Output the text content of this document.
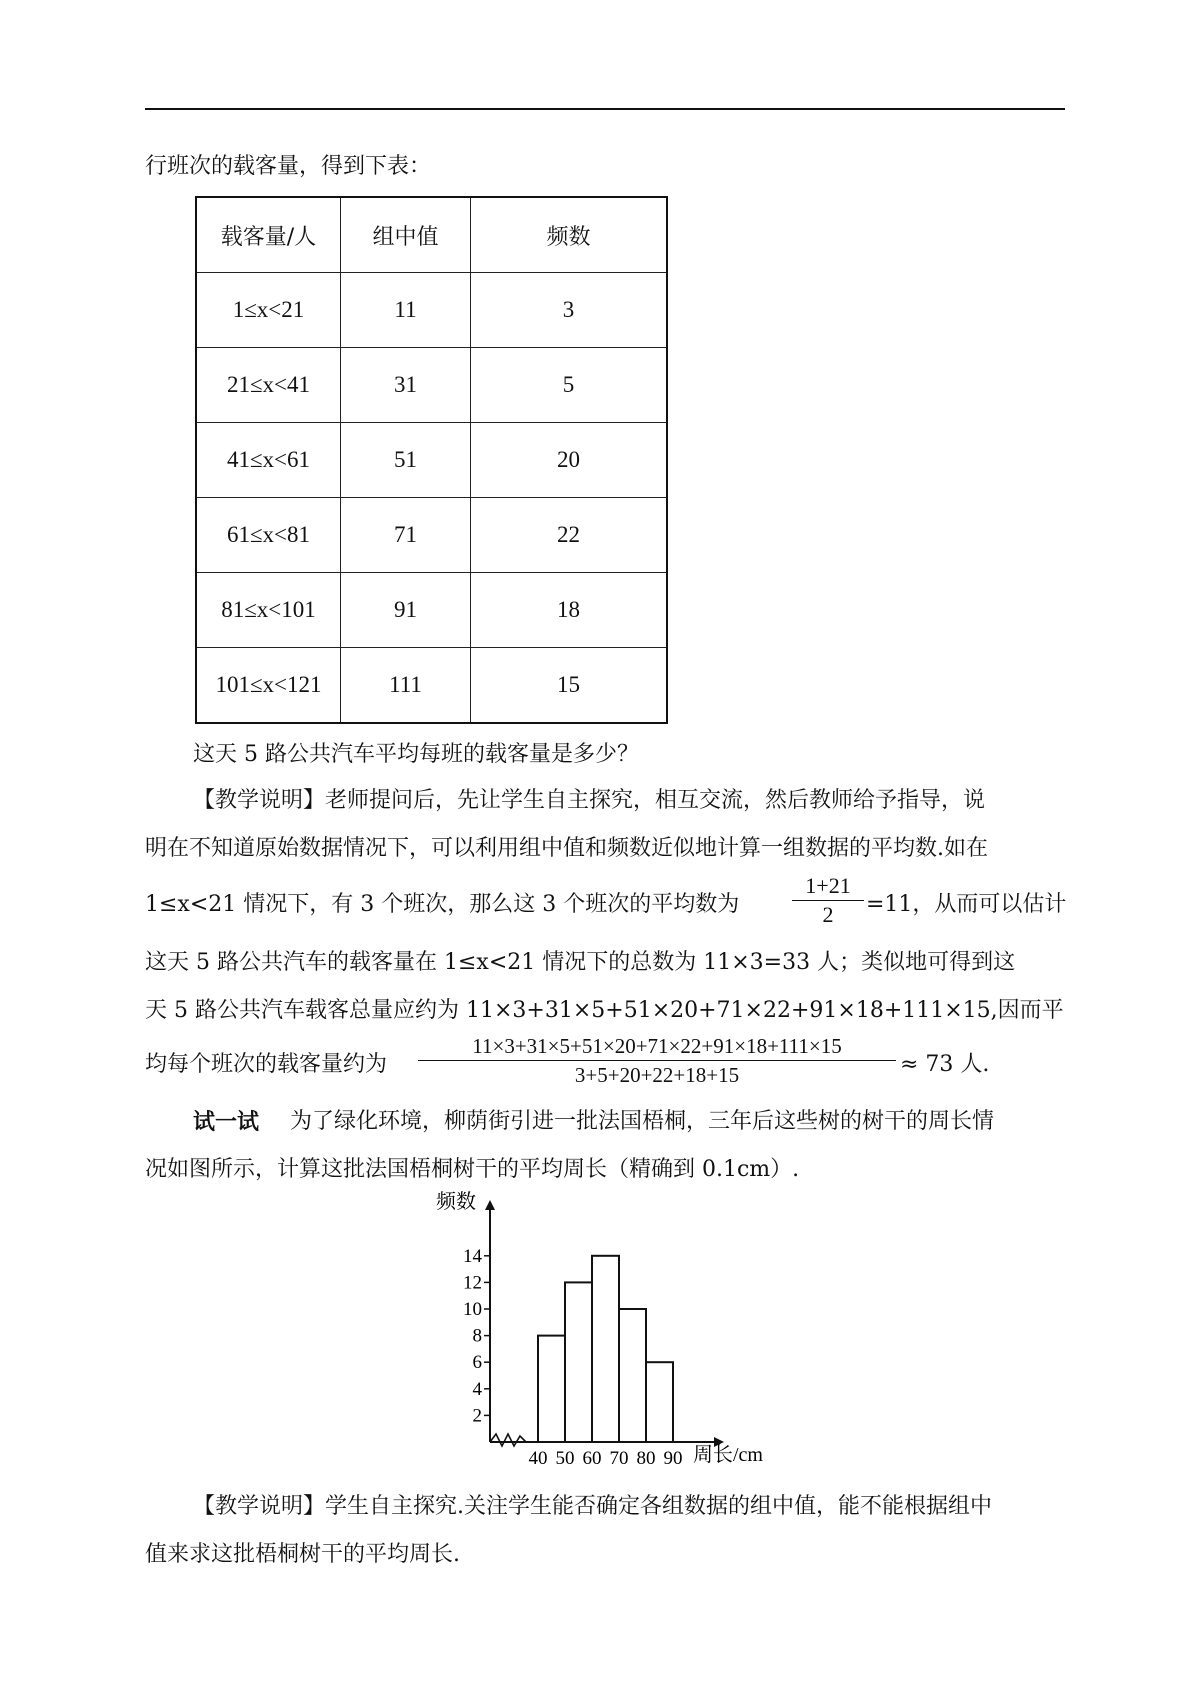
行班次的载客量，得到下表：
载客量/人	组中值	频数
1≤x<21	11	3
21≤x<41	31	5
41≤x<61	51	20
61≤x<81	71	22
81≤x<101	91	18
101≤x<121	111	15
这天 5 路公共汽车平均每班的载客量是多少？
【教学说明】老师提问后，先让学生自主探究，相互交流，然后教师给予指导，说
明在不知道原始数据情况下，可以利用组中值和频数近似地计算一组数据的平均数.如在
1≤x<21 情况下，有 3 个班次，那么这 3 个班次的平均数为
1+21
2	=11，从而可以估计
这天 5 路公共汽车的载客量在 1≤x<21 情况下的总数为 11×3=33 人；类似地可得到这
天 5 路公共汽车载客总量应约为 11×3+31×5+51×20+71×22+91×18+111×15,因而平
均每个班次的载客量约为
11×3+31×5+51×20+71×22+91×18+111×15
3+5+20+22+18+15	≈ 73 人.
试一试 为了绿化环境，柳荫街引进一批法国梧桐，三年后这些树的树干的周长情
况如图所示，计算这批法国梧桐树干的平均周长（精确到 0.1cm）.
2
4
6
8
10
12
14
40 50 60 70 80 90
频数
周长/cm
【教学说明】学生自主探究.关注学生能否确定各组数据的组中值，能不能根据组中
值来求这批梧桐树干的平均周长.
